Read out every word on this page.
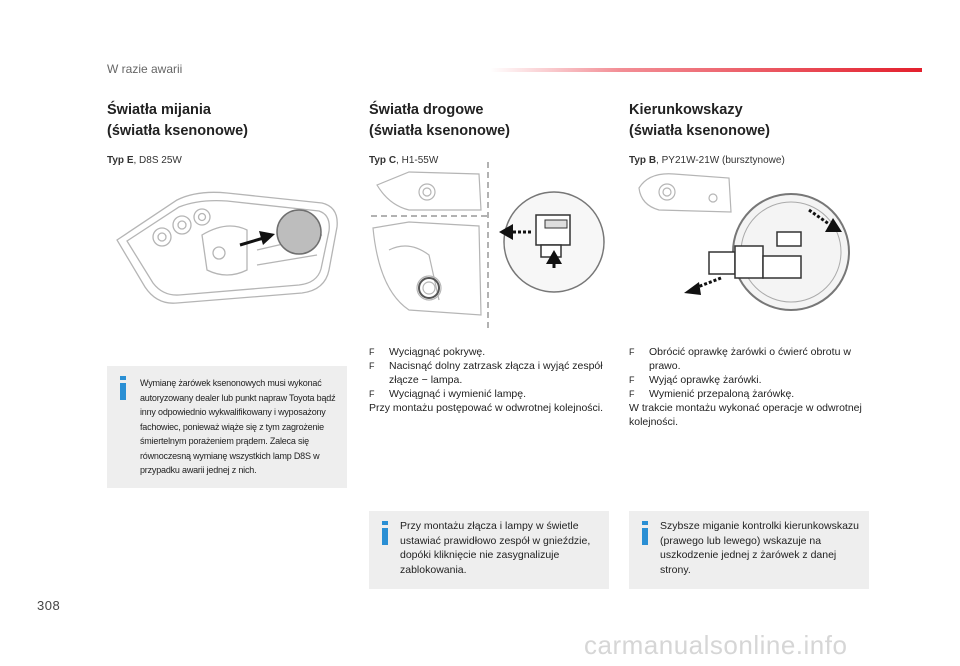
W razie awarii
Światła mijania
(światła ksenonowe)
Typ E, D8S 25W
Światła drogowe
(światła ksenonowe)
Typ C, H1-55W
Kierunkowskazy
(światła ksenonowe)
Typ B, PY21W-21W (bursztynowe)
F Wyciągnąć pokrywę.
F Nacisnąć dolny zatrzask złącza i wyjąć zespół złącze − lampa.
F Wyciągnąć i wymienić lampę.
Przy montażu postępować w odwrotnej kolejności.
F Obrócić oprawkę żarówki o ćwierć obrotu w prawo.
F Wyjąć oprawkę żarówki.
F Wymienić przepaloną żarówkę.
W trakcie montażu wykonać operacje w odwrotnej kolejności.
Wymianę żarówek ksenonowych musi wykonać autoryzowany dealer lub punkt napraw Toyota bądź inny odpowiednio wykwalifikowany i wyposażony fachowiec, ponieważ wiąże się z tym zagrożenie śmiertelnym porażeniem prądem. Zaleca się równoczesną wymianę wszystkich lamp D8S w przypadku awarii jednej z nich.
Przy montażu złącza i lampy w świetle ustawiać prawidłowo zespół w gnieździe, dopóki kliknięcie nie zasygnalizuje zablokowania.
Szybsze miganie kontrolki kierunkowskazu (prawego lub lewego) wskazuje na uszkodzenie jednej z żarówek z danej strony.
308
carmanualsonline.info
